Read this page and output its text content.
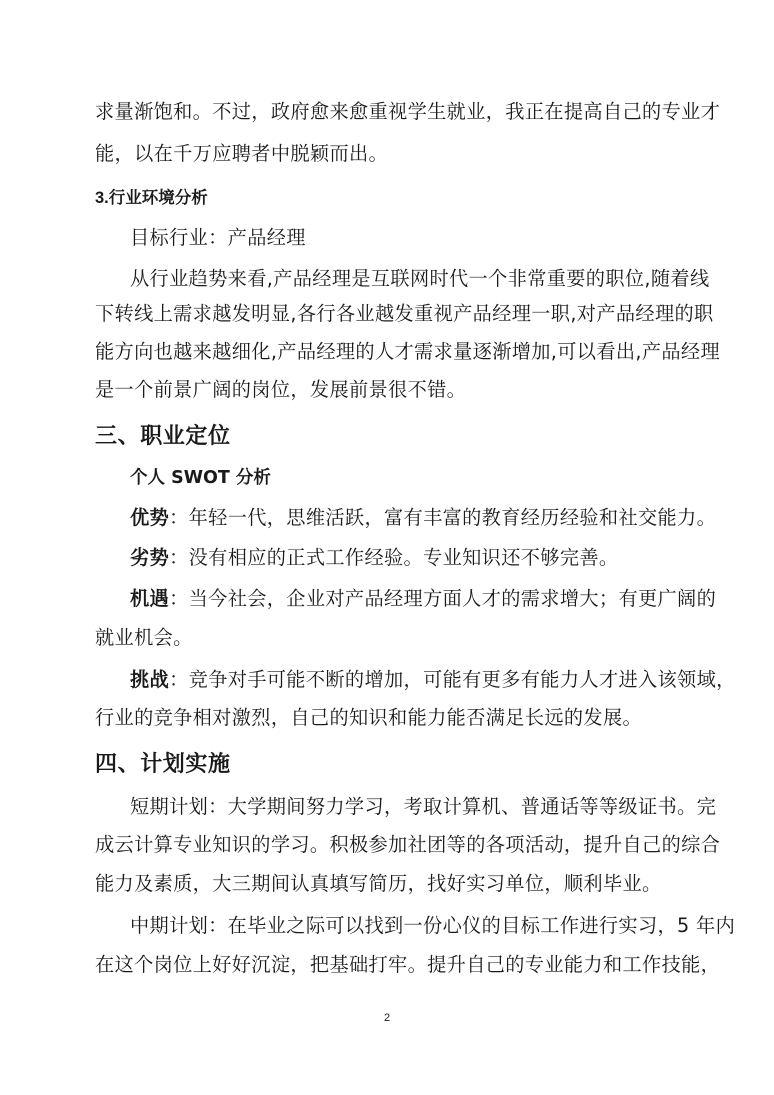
求量渐饱和。不过，政府愈来愈重视学生就业，我正在提高自己的专业才
能，以在千万应聘者中脱颖而出。
3.行业环境分析
目标行业：产品经理
从行业趋势来看,产品经理是互联网时代一个非常重要的职位,随着线
下转线上需求越发明显,各行各业越发重视产品经理一职,对产品经理的职
能方向也越来越细化,产品经理的人才需求量逐渐增加,可以看出,产品经理
是一个前景广阔的岗位，发展前景很不错。
三、职业定位
个人 SWOT 分析
优势：年轻一代，思维活跃，富有丰富的教育经历经验和社交能力。
劣势：没有相应的正式工作经验。专业知识还不够完善。
机遇：当今社会，企业对产品经理方面人才的需求增大；有更广阔的
就业机会。
挑战：竞争对手可能不断的增加，可能有更多有能力人才进入该领域，
行业的竞争相对激烈，自己的知识和能力能否满足长远的发展。
四、计划实施
短期计划：大学期间努力学习，考取计算机、普通话等等级证书。完
成云计算专业知识的学习。积极参加社团等的各项活动，提升自己的综合
能力及素质，大三期间认真填写简历，找好实习单位，顺利毕业。
中期计划：在毕业之际可以找到一份心仪的目标工作进行实习，5 年内
在这个岗位上好好沉淀，把基础打牢。提升自己的专业能力和工作技能，
2
